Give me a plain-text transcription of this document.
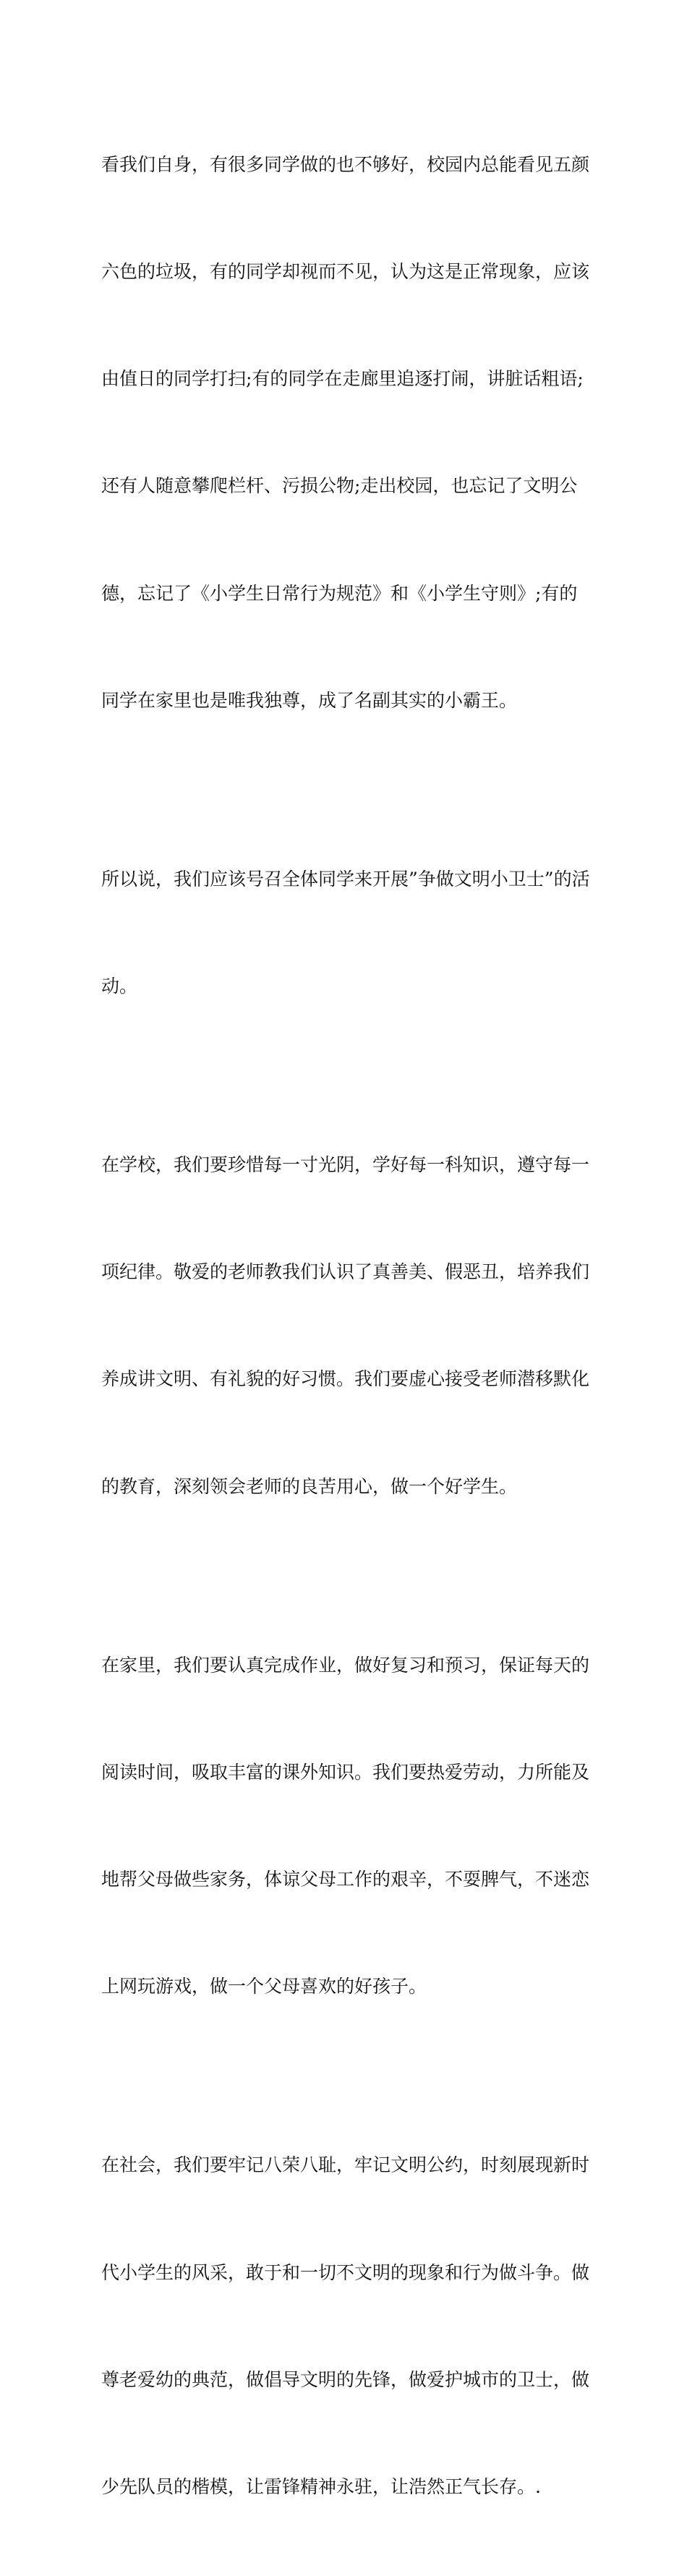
看我们自身，有很多同学做的也不够好，校园内总能看见五颜

六色的垃圾，有的同学却视而不见，认为这是正常现象，应该

由值日的同学打扫;有的同学在走廊里追逐打闹，讲脏话粗语;

还有人随意攀爬栏杆、污损公物;走出校园，也忘记了文明公

德，忘记了《小学生日常行为规范》和《小学生守则》;有的

同学在家里也是唯我独尊，成了名副其实的小霸王。

所以说，我们应该号召全体同学来开展”争做文明小卫士”的活

动。

在学校，我们要珍惜每一寸光阴，学好每一科知识，遵守每一

项纪律。敬爱的老师教我们认识了真善美、假恶丑，培养我们

养成讲文明、有礼貌的好习惯。我们要虚心接受老师潜移默化

的教育，深刻领会老师的良苦用心，做一个好学生。

在家里，我们要认真完成作业，做好复习和预习，保证每天的

阅读时间，吸取丰富的课外知识。我们要热爱劳动，力所能及

地帮父母做些家务，体谅父母工作的艰辛，不耍脾气，不迷恋

上网玩游戏，做一个父母喜欢的好孩子。

在社会，我们要牢记八荣八耻，牢记文明公约，时刻展现新时

代小学生的风采，敢于和一切不文明的现象和行为做斗争。做

尊老爱幼的典范，做倡导文明的先锋，做爱护城市的卫士，做

少先队员的楷模，让雷锋精神永驻，让浩然正气长存。.
